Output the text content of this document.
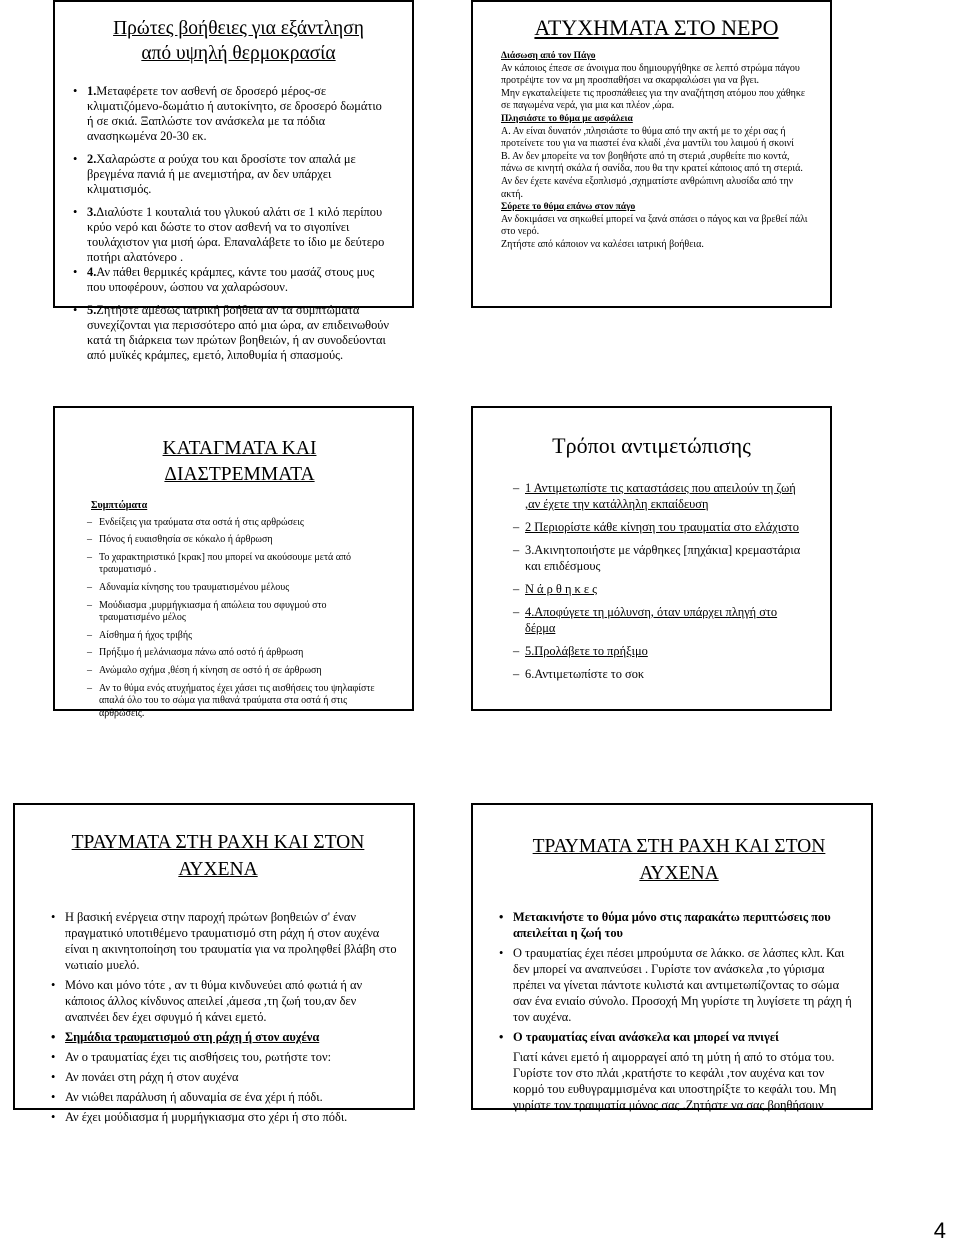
Πρώτες βοήθειες για εξάντληση
από υψηλή θερμοκρασία
• 1.Μεταφέρετε τον ασθενή σε δροσερό μέρος-σε κλιματιζόμενο-δωμάτιο ή αυτοκίνητο, σε δροσερό δωμάτιο ή σε σκιά. Ξαπλώστε τον ανάσκελα με τα πόδια ανασηκωμένα 20-30 εκ.
• 2.Χαλαρώστε α ρούχα του και δροσίστε τον απαλά με βρεγμένα πανιά ή με ανεμιστήρα, αν δεν υπάρχει κλιματισμός.
• 3.Διαλύστε 1 κουταλιά του γλυκού αλάτι σε 1 κιλό περίπου κρύο νερό και δώστε το στον ασθενή να το σιγοπίνει τουλάχιστον για μισή ώρα. Επαναλάβετε το ίδιο με δεύτερο ποτήρι αλατόνερο .
• 4.Αν πάθει θερμικές κράμπες, κάντε του μασάζ στους μυς που υποφέρουν, ώσπου να χαλαρώσουν.
• 5.Ζητήστε αμέσως ιατρική βοήθεια αν τα συμπτώματα συνεχίζονται για περισσότερο από μια ώρα, αν επιδεινωθούν κατά τη διάρκεια των πρώτων βοηθειών, ή αν συνοδεύονται από μυϊκές κράμπες, εμετό, λιποθυμία ή σπασμούς.
ΑΤΥΧΗΜΑΤΑ ΣΤΟ ΝΕΡΟ

Διάσωση από τον Πάγο

Αν κάποιος έπεσε σε άνοιγμα που δημιουργήθηκε σε λεπτό στρώμα πάγου προτρέψτε τον να μη προσπαθήσει να σκαρφαλώσει για να βγει.

Μην εγκαταλείψετε τις προσπάθειες για την αναζήτηση ατόμου που χάθηκε σε παγωμένα νερά, για μια και πλέον ,ώρα.

Πλησιάστε το θύμα με ασφάλεια

Α. Αν είναι δυνατόν ,πλησιάστε το θύμα από την ακτή με το χέρι σας ή προτείνετε του για να πιαστεί ένα κλαδί ,ένα μαντίλι του λαιμού ή σκοινί

Β. Αν δεν μπορείτε να τον βοηθήστε από τη στεριά ,συρθείτε πιο κοντά, πάνω σε κινητή σκάλα ή σανίδα, που θα την κρατεί κάποιος από τη στεριά.

Αν δεν έχετε κανένα εξοπλισμό ,σχηματίστε ανθρώπινη αλυσίδα από την ακτή.

Σύρετε το θύμα επάνω στον πάγο

Αν δοκιμάσει να σηκωθεί μπορεί να ξανά σπάσει ο πάγος και να βρεθεί πάλι στο νερό.

Ζητήστε από κάποιον να καλέσει ιατρική βοήθεια.

ΚΑΤΑΓΜΑΤΑ ΚΑΙ
ΔΙΑΣΤΡΕΜΜΑΤΑ

Συμπτώματα

– Ενδείξεις για τραύματα στα οστά ή στις αρθρώσεις
– Πόνος ή ευαισθησία σε κόκαλο ή άρθρωση
– Το χαρακτηριστικό [κρακ] που μπορεί να ακούσουμε μετά από τραυματισμό .
– Αδυναμία κίνησης του τραυματισμένου μέλους
– Μούδιασμα ,μυρμήγκιασμα ή απώλεια του σφυγμού στο τραυματισμένο μέλος
– Αίσθημα ή ήχος τριβής
– Πρήξιμο ή μελάνιασμα πάνω από οστό ή άρθρωση
– Ανώμαλο σχήμα ,θέση ή κίνηση σε οστό ή σε άρθρωση
– Αν το θύμα ενός ατυχήματος έχει χάσει τις αισθήσεις του ψηλαφίστε απαλά όλο του το σώμα για πιθανά τραύματα στα οστά ή στις αρθρώσεις.
Τρόποι αντιμετώπισης
– 1 Αντιμετωπίστε τις καταστάσεις που απειλούν τη ζωή ,αν έχετε την κατάλληλη εκπαίδευση
– 2 Περιορίστε κάθε κίνηση του τραυματία στο ελάχιστο
– 3.Ακινητοποιήστε με νάρθηκες [πηχάκια] κρεμαστάρια και επιδέσμους
– Ν ά ρ θ η κ ε ς
– 4.Αποφύγετε τη μόλυνση, όταν υπάρχει πληγή στο δέρμα
– 5.Προλάβετε το πρήξιμο
– 6.Αντιμετωπίστε το σοκ
ΤΡΑΥΜΑΤΑ ΣΤΗ ΡΑΧΗ ΚΑΙ ΣΤΟΝ
ΑΥΧΕΝΑ
• Η βασική ενέργεια στην παροχή πρώτων βοηθειών σ' έναν πραγματικό υποτιθέμενο τραυματισμό στη ράχη ή στον αυχένα είναι η ακινητοποίηση του τραυματία για να προληφθεί βλάβη στο νωτιαίο μυελό.
• Μόνο και μόνο τότε , αν τι θύμα κινδυνεύει από φωτιά ή αν κάποιος άλλος κίνδυνος απειλεί ,άμεσα ,τη ζωή του,αν δεν αναπνέει δεν έχει σφυγμό ή κάνει εμετό.
• Σημάδια τραυματισμού στη ράχη ή στον αυχένα
• Αν ο τραυματίας έχει τις αισθήσεις του, ρωτήστε τον:
• Αν πονάει στη ράχη ή στον αυχένα
• Αν νιώθει παράλυση ή αδυναμία σε ένα χέρι ή πόδι.
• Αν έχει μούδιασμα ή μυρμήγκιασμα στο χέρι ή στο πόδι.
ΤΡΑΥΜΑΤΑ ΣΤΗ ΡΑΧΗ ΚΑΙ ΣΤΟΝ
ΑΥΧΕΝΑ
• Μετακινήστε το θύμα μόνο στις παρακάτω περιπτώσεις που απειλείται η ζωή του
• Ο τραυματίας έχει πέσει μπρούμυτα σε λάκκο. σε λάσπες κλπ. Και δεν μπορεί να αναπνεύσει . Γυρίστε τον ανάσκελα ,το γύρισμα πρέπει να γίνεται πάντοτε κυλιστά και αντιμετωπίζοντας το σώμα σαν ένα ενιαίο σύνολο. Προσοχή Μη γυρίστε τη λυγίσετε τη ράχη ή τον αυχένα.
• Ο τραυματίας είναι ανάσκελα και μπορεί να πνιγεί
Γιατί κάνει εμετό ή αιμορραγεί από τη μύτη ή από το στόμα του. Γυρίστε τον στο πλάι ,κρατήστε το κεφάλι ,τον αυχένα και τον κορμό του ευθυγραμμισμένα και υποστηρίξτε το κεφάλι του. Μη γυρίστε τον τραυματία μόνος σας .Ζητήστε να σας βοηθήσουν
4
